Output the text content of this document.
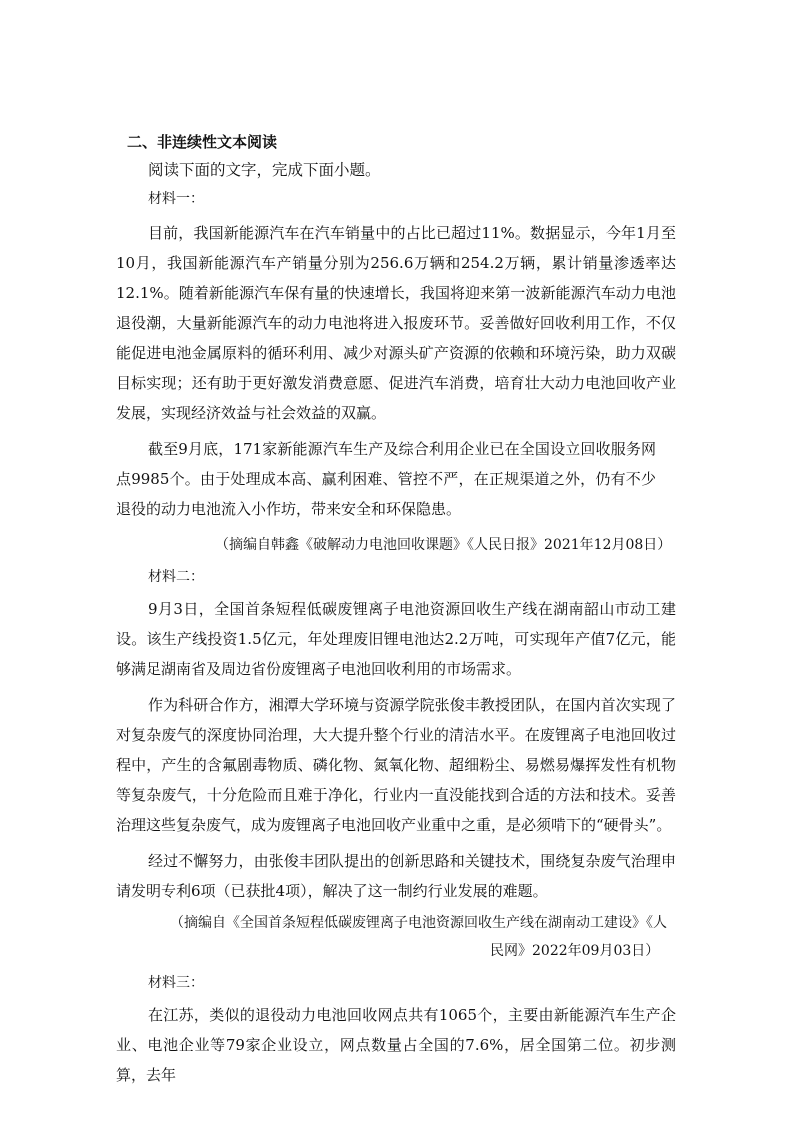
二、非连续性文本阅读
阅读下面的文字，完成下面小题。
材料一：

目前，我国新能源汽车在汽车销量中的占比已超过11%。数据显示，今年1月至10月，我国新能源汽车产销量分别为256.6万辆和254.2万辆，累计销量渗透率达12.1%。随着新能源汽车保有量的快速增长，我国将迎来第一波新能源汽车动力电池退役潮，大量新能源汽车的动力电池将进入报废环节。妥善做好回收利用工作，不仅能促进电池金属原料的循环利用、减少对源头矿产资源的依赖和环境污染，助力双碳目标实现；还有助于更好激发消费意愿、促进汽车消费，培育壮大动力电池回收产业发展，实现经济效益与社会效益的双赢。

截至9月底，171家新能源汽车生产及综合利用企业已在全国设立回收服务网点9985个。由于处理成本高、赢利困难、管控不严，在正规渠道之外，仍有不少退役的动力电池流入小作坊，带来安全和环保隐患。

（摘编自韩鑫《破解动力电池回收课题》《人民日报》2021年12月08日）
材料二：

9月3日，全国首条短程低碳废锂离子电池资源回收生产线在湖南韶山市动工建设。该生产线投资1.5亿元，年处理废旧锂电池达2.2万吨，可实现年产值7亿元，能够满足湖南省及周边省份废锂离子电池回收利用的市场需求。

作为科研合作方，湘潭大学环境与资源学院张俊丰教授团队，在国内首次实现了对复杂废气的深度协同治理，大大提升整个行业的清洁水平。在废锂离子电池回收过程中，产生的含氟剧毒物质、磷化物、氮氧化物、超细粉尘、易燃易爆挥发性有机物等复杂废气，十分危险而且难于净化，行业内一直没能找到合适的方法和技术。妥善治理这些复杂废气，成为废锂离子电池回收产业重中之重，是必须啃下的“硬骨头”。

经过不懈努力，由张俊丰团队提出的创新思路和关键技术，围绕复杂废气治理申请发明专利6项（已获批4项），解决了这一制约行业发展的难题。

（摘编自《全国首条短程低碳废锂离子电池资源回收生产线在湖南动工建设》《人
民网》2022年09月03日）
材料三：

在江苏，类似的退役动力电池回收网点共有1065个，主要由新能源汽车生产企业、电池企业等79家企业设立，网点数量占全国的7.6%，居全国第二位。初步测算，去年
